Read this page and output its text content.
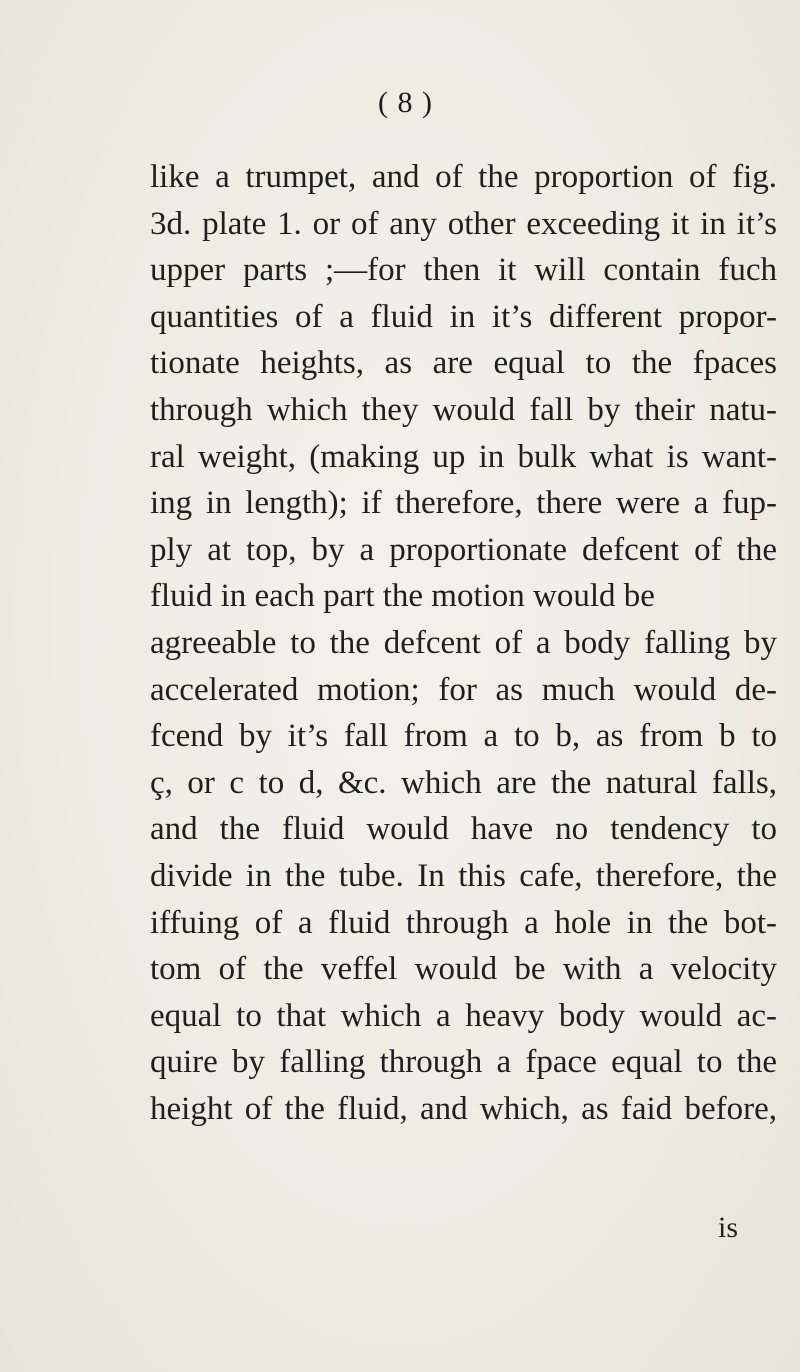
( 8 )
like a trumpet, and of the proportion of fig.
3d. plate 1. or of any other exceeding it in it’s
upper parts ;—for then it will contain fuch
quantities of a fluid in it’s different propor-
tionate heights, as are equal to the fpaces
through which they would fall by their natu-
ral weight, (making up in bulk what is want-
ing in length); if therefore, there were a fup-
ply at top, by a proportionate defcent of the
fluid in each part the motion would be
agreeable to the defcent of a body falling by
accelerated motion; for as much would de-
fcend by it’s fall from a to b, as from b to
ç, or c to d, &c. which are the natural falls,
and the fluid would have no tendency to
divide in the tube. In this cafe, therefore, the
iffuing of a fluid through a hole in the bot-
tom of the veffel would be with a velocity
equal to that which a heavy body would ac-
quire by falling through a fpace equal to the
height of the fluid, and which, as faid before,
is
